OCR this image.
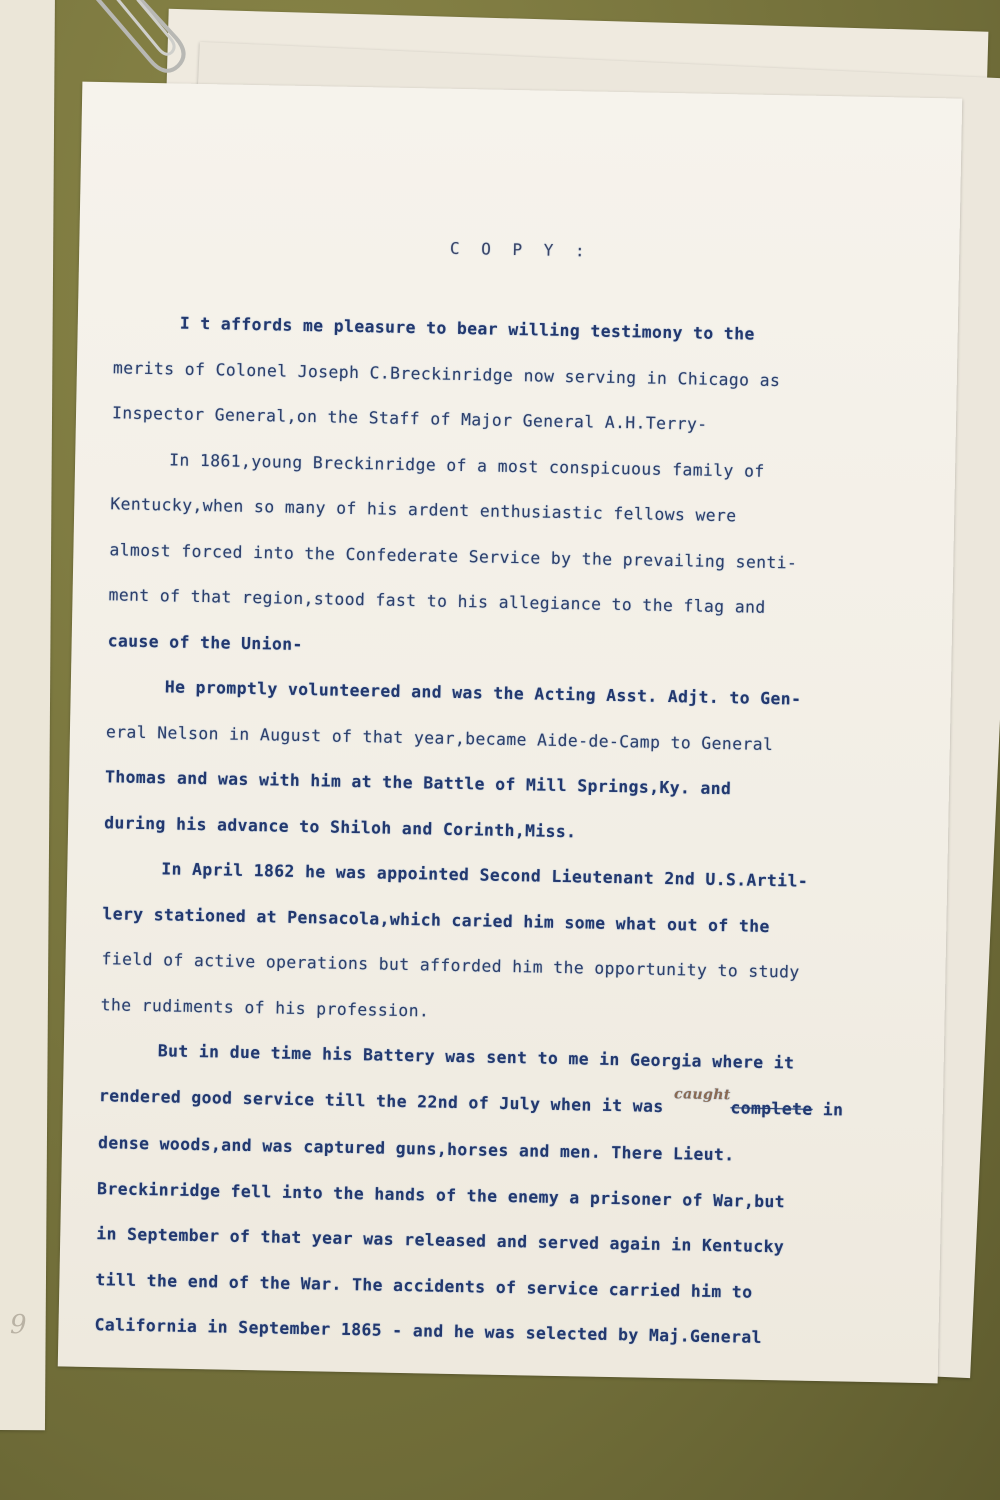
C O P Y :

I t affords me pleasure to bear willing testimony to the

merits of Colonel Joseph C.Breckinridge now serving in Chicago as

Inspector General,on the Staff of Major General A.H.Terry-

In 1861,young Breckinridge of a most conspicuous family of

Kentucky,when so many of his ardent enthusiastic fellows were

almost forced into the Confederate Service by the prevailing senti-

ment of that region,stood fast to his allegiance to the flag and

cause of the Union-

He promptly volunteered and was the Acting Asst. Adjt. to Gen-

eral Nelson in August of that year,became Aide-de-Camp to General

Thomas and was with him at the Battle of Mill Springs,Ky. and

during his advance to Shiloh and Corinth,Miss.

In April 1862 he was appointed Second Lieutenant 2nd U.S.Artil-

lery stationed at Pensacola,which caried him some what out of the

field of active operations but afforded him the opportunity to study

the rudiments of his profession.

But in due time his Battery was sent to me in Georgia where it

rendered good service till the 22nd of July when it was caughtcomplete in

dense woods,and was captured guns,horses and men. There Lieut.

Breckinridge fell into the hands of the enemy a prisoner of War,but

in September of that year was released and served again in Kentucky

till the end of the War. The accidents of service carried him to

California in September 1865 - and he was selected by Maj.General

9
